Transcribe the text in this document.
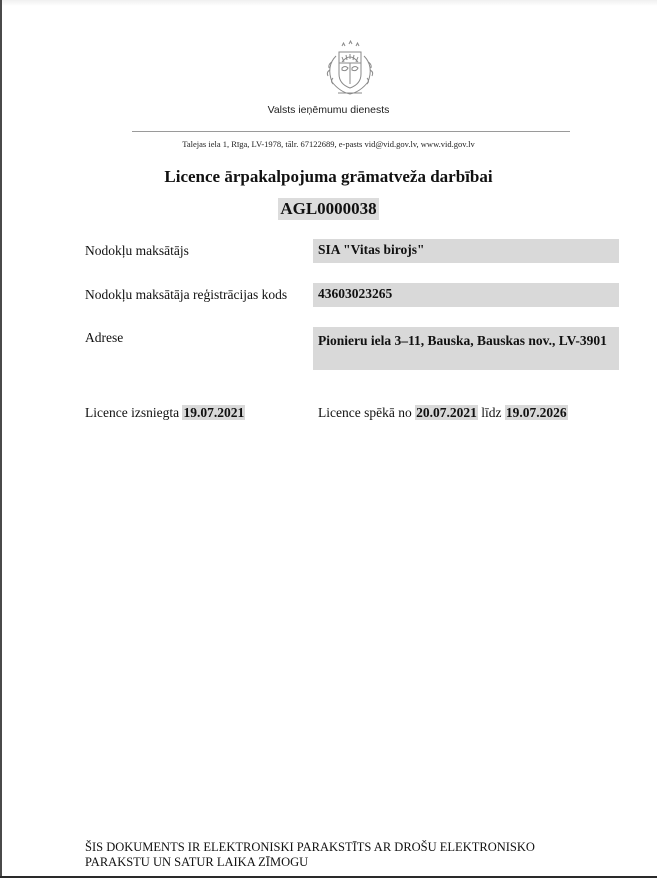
Valsts ieņēmumu dienests
Talejas iela 1, Rīga, LV-1978, tālr. 67122689, e-pasts vid@vid.gov.lv, www.vid.gov.lv
Licence ārpakalpojuma grāmatveža darbībai
AGL0000038
Nodokļu maksātājs	SIA "Vitas birojs"
Nodokļu maksātāja reģistrācijas kods	43603023265
Adrese	Pionieru iela 3–11, Bauska, Bauskas nov., LV-3901
Licence izsniegta 19.07.2021	Licence spēkā no 20.07.2021 līdz 19.07.2026
ŠIS DOKUMENTS IR ELEKTRONISKI PARAKSTĪTS AR DROŠU ELEKTRONISKO
PARAKSTU UN SATUR LAIKA ZĪMOGU
